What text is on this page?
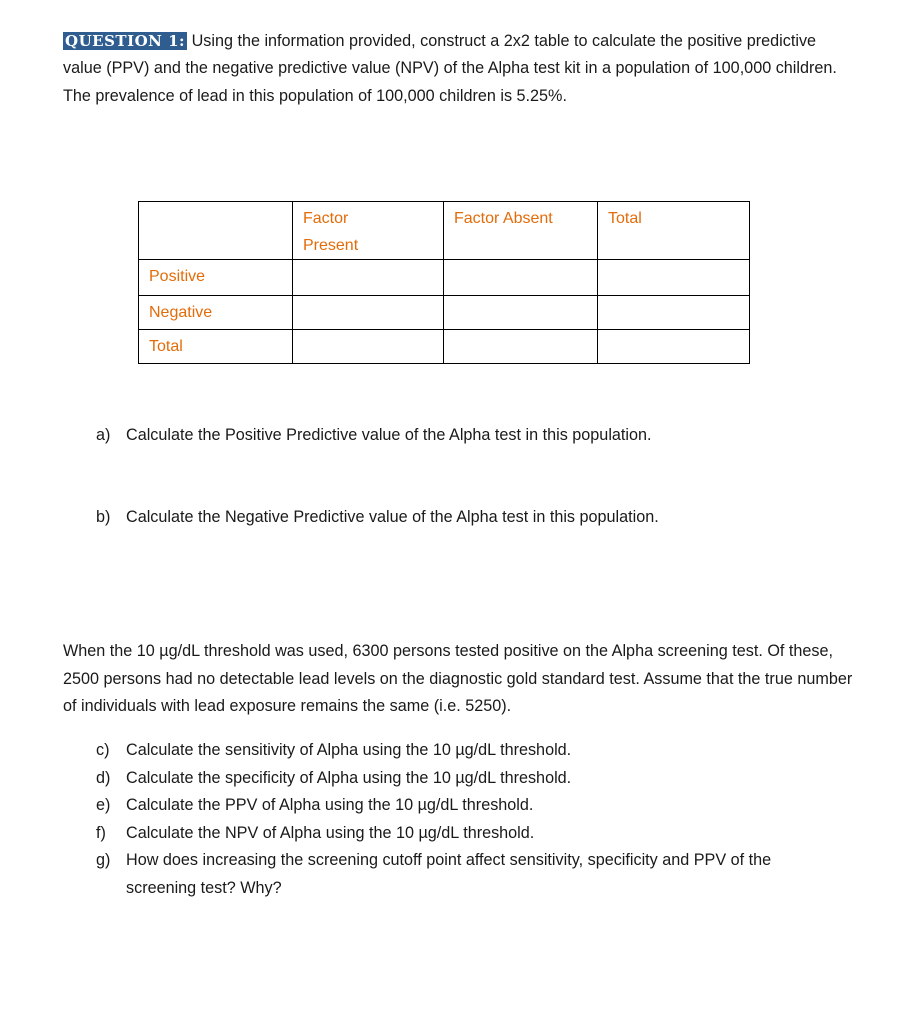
QUESTION 1: Using the information provided, construct a 2x2 table to calculate the positive predictive value (PPV) and the negative predictive value (NPV) of the Alpha test kit in a population of 100,000 children. The prevalence of lead in this population of 100,000 children is 5.25%.
	Factor
Present	Factor Absent	Total
Positive			
Negative			
Total			
a) Calculate the Positive Predictive value of the Alpha test in this population.
b) Calculate the Negative Predictive value of the Alpha test in this population.
When the 10 µg/dL threshold was used, 6300 persons tested positive on the Alpha screening test. Of these, 2500 persons had no detectable lead levels on the diagnostic gold standard test. Assume that the true number of individuals with lead exposure remains the same (i.e. 5250).
c)	Calculate the sensitivity of Alpha using the 10 µg/dL threshold.
d) Calculate the specificity of Alpha using the 10 µg/dL threshold.
e) Calculate the PPV of Alpha using the 10 µg/dL threshold.
f)	Calculate the NPV of Alpha using the 10 µg/dL threshold.
g) How does increasing the screening cutoff point affect sensitivity, specificity and PPV of the screening test? Why?
